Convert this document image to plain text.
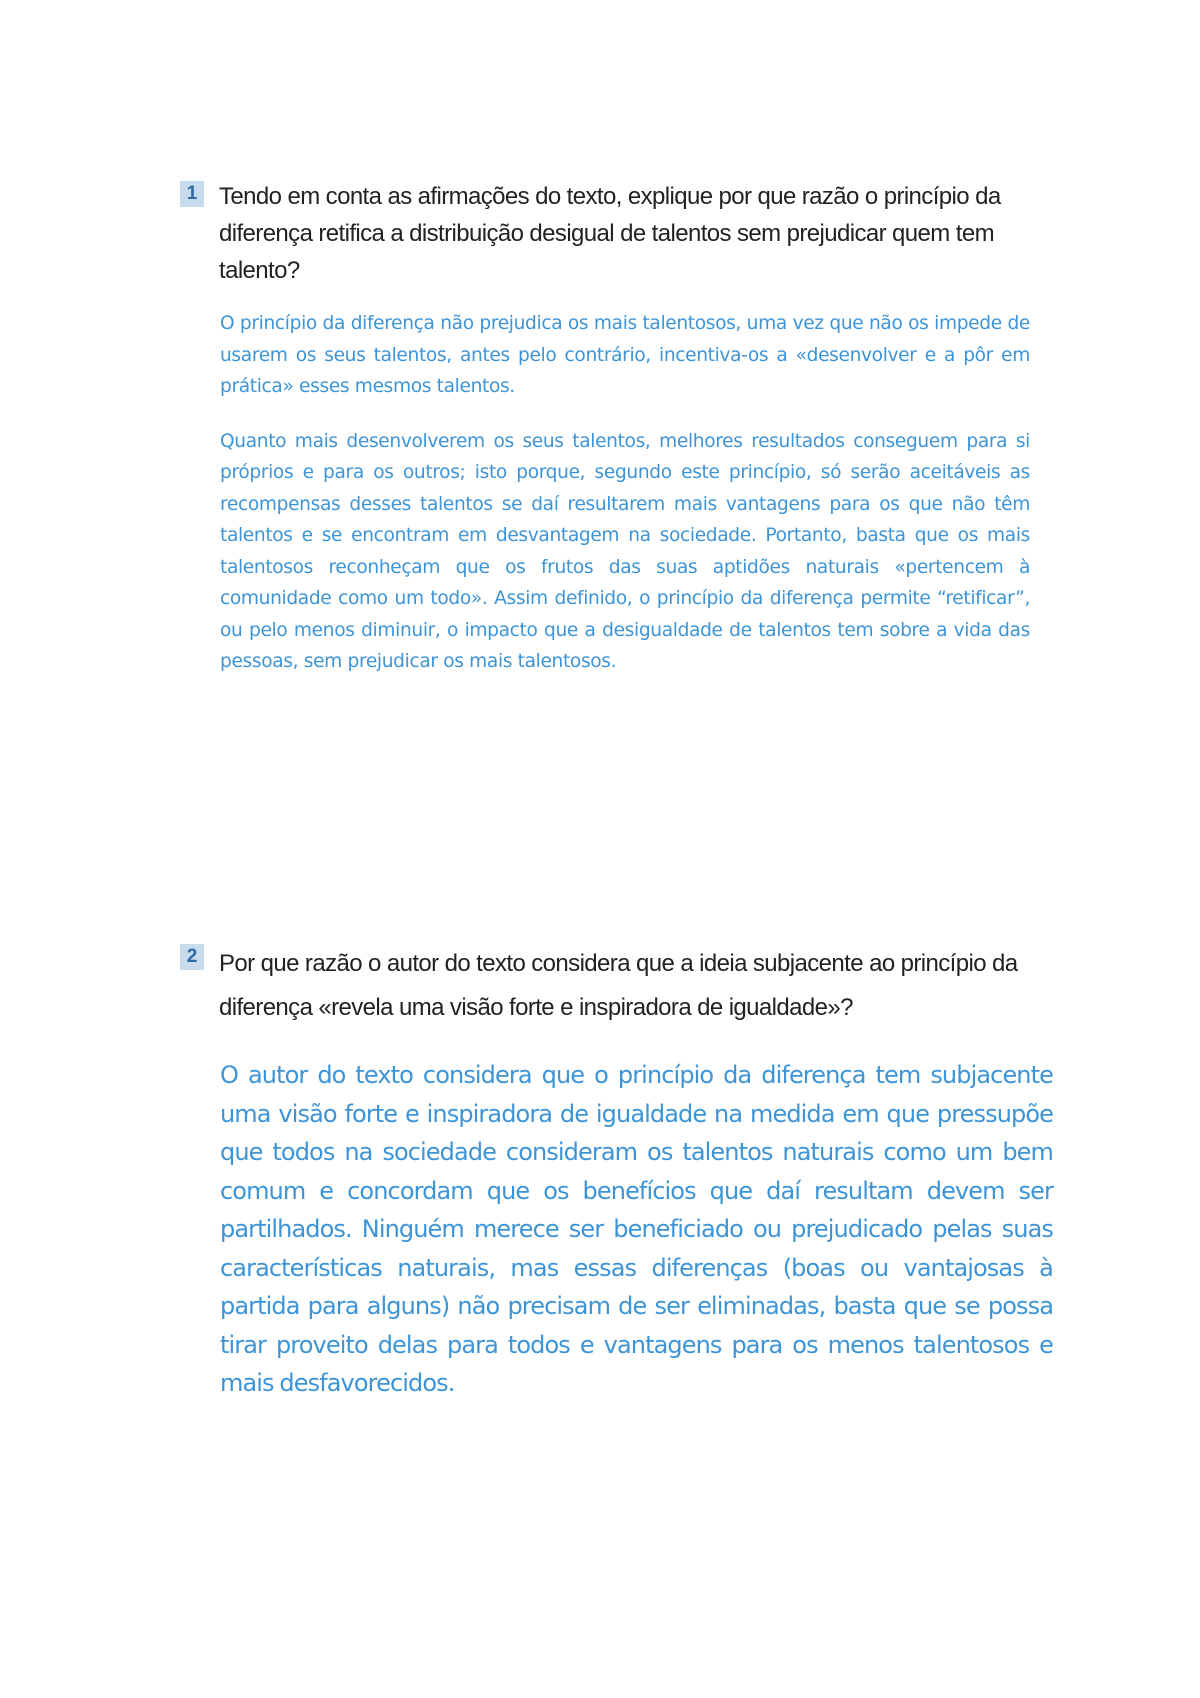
1 Tendo em conta as afirmações do texto, explique por que razão o princípio da diferença retifica a distribuição desigual de talentos sem prejudicar quem tem talento?

O princípio da diferença não prejudica os mais talentosos, uma vez que não os impede de usarem os seus talentos, antes pelo contrário, incentiva-os a «desenvolver e a pôr em prática» esses mesmos talentos.

Quanto mais desenvolverem os seus talentos, melhores resultados conseguem para si próprios e para os outros; isto porque, segundo este princípio, só serão aceitáveis as recompensas desses talentos se daí resultarem mais vantagens para os que não têm talentos e se encontram em desvantagem na sociedade. Portanto, basta que os mais talentosos reconheçam que os frutos das suas aptidões naturais «pertencem à comunidade como um todo». Assim definido, o princípio da diferença permite “retificar”, ou pelo menos diminuir, o impacto que a desigualdade de talentos tem sobre a vida das pessoas, sem prejudicar os mais talentosos.

2 Por que razão o autor do texto considera que a ideia subjacente ao princípio da diferença «revela uma visão forte e inspiradora de igualdade»?

O autor do texto considera que o princípio da diferença tem subjacente uma visão forte e inspiradora de igualdade na medida em que pressupõe que todos na sociedade consideram os talentos naturais como um bem comum e concordam que os benefícios que daí resultam devem ser partilhados. Ninguém merece ser beneficiado ou prejudicado pelas suas características naturais, mas essas diferenças (boas ou vantajosas à partida para alguns) não precisam de ser eliminadas, basta que se possa tirar proveito delas para todos e vantagens para os menos talentosos e mais desfavorecidos.
